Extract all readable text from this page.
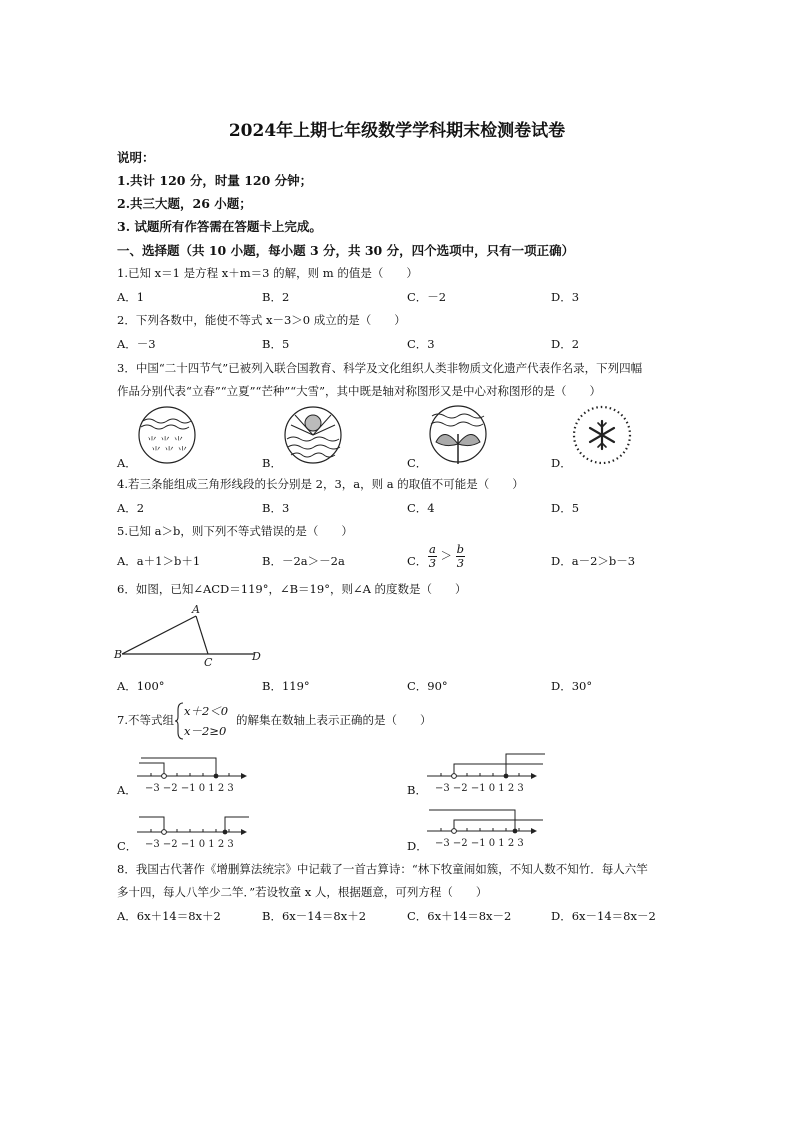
2024年上期七年级数学学科期末检测卷试卷
说明：
1.共计 120 分，时量 120 分钟；
2.共三大题，26 小题；
3. 试题所有作答需在答题卡上完成。
一、选择题（共 10 小题，每小题 3 分，共 30 分，四个选项中，只有一项正确）
1.已知 x＝1 是方程 x＋m＝3 的解，则 m 的值是（　　）
A．1	B．2	C．－2	D．3
2．下列各数中，能使不等式 x－3＞0 成立的是（　　）
A．－3	B．5	C．3	D．2
3．中国“二十四节气”已被列入联合国教育、科学及文化组织人类非物质文化遗产代表作名录，下列四幅
作品分别代表“立春”“立夏”“芒种”“大雪”，其中既是轴对称图形又是中心对称图形的是（　　）
A．
⺌ ⺌ ⺌
⺌ ⺌ ⺌
B．	C．	D．
4.若三条能组成三角形线段的长分别是 2，3，a，则 a 的取值不可能是（　　）
A．2	B．3	C．4	D．5
5.已知 a＞b，则下列不等式错误的是（　　）
A．a＋1＞b＋1	B．－2a＞－2a	C． $\frac{a}{3} > \frac{b}{3}$	D．a－2＞b－3
6．如图，已知∠ACD＝119°，∠B＝19°，则∠A 的度数是（　　）
A
B
C	D
A．100°	B．119°	C．90°	D．30°
7.不等式组
x＋2＜0
x－2≥0
的解集在数轴上表示正确的是（　　）
A． −3 −2 −1 0 1 2 3	B． −3 −2 −1 0 1 2 3
C． −3 −2 −1 0 1 2 3	D． −3 −2 −1 0 1 2 3
8．我国古代著作《增删算法统宗》中记载了一首古算诗：“林下牧童闹如簇，不知人数不知竹．每人六竿
多十四，每人八竿少二竿．”若设牧童 x 人，根据题意，可列方程（　　）
A．6x＋14＝8x＋2	B．6x－14＝8x＋2	C．6x＋14＝8x－2	D．6x－14＝8x－2
